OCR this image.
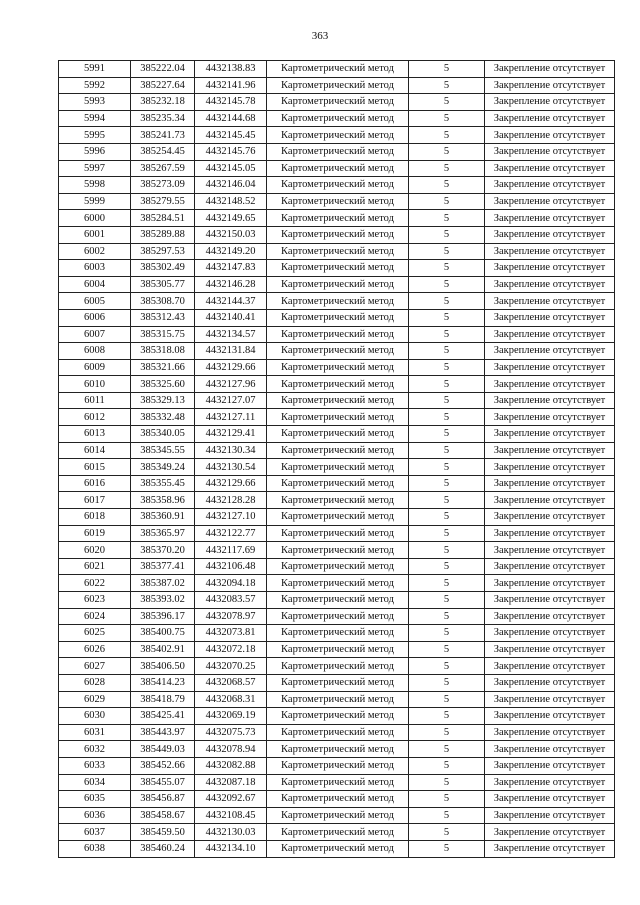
363
5991	385222.04	4432138.83	Картометрический метод	5	Закрепление отсутствует
5992	385227.64	4432141.96	Картометрический метод	5	Закрепление отсутствует
5993	385232.18	4432145.78	Картометрический метод	5	Закрепление отсутствует
5994	385235.34	4432144.68	Картометрический метод	5	Закрепление отсутствует
5995	385241.73	4432145.45	Картометрический метод	5	Закрепление отсутствует
5996	385254.45	4432145.76	Картометрический метод	5	Закрепление отсутствует
5997	385267.59	4432145.05	Картометрический метод	5	Закрепление отсутствует
5998	385273.09	4432146.04	Картометрический метод	5	Закрепление отсутствует
5999	385279.55	4432148.52	Картометрический метод	5	Закрепление отсутствует
6000	385284.51	4432149.65	Картометрический метод	5	Закрепление отсутствует
6001	385289.88	4432150.03	Картометрический метод	5	Закрепление отсутствует
6002	385297.53	4432149.20	Картометрический метод	5	Закрепление отсутствует
6003	385302.49	4432147.83	Картометрический метод	5	Закрепление отсутствует
6004	385305.77	4432146.28	Картометрический метод	5	Закрепление отсутствует
6005	385308.70	4432144.37	Картометрический метод	5	Закрепление отсутствует
6006	385312.43	4432140.41	Картометрический метод	5	Закрепление отсутствует
6007	385315.75	4432134.57	Картометрический метод	5	Закрепление отсутствует
6008	385318.08	4432131.84	Картометрический метод	5	Закрепление отсутствует
6009	385321.66	4432129.66	Картометрический метод	5	Закрепление отсутствует
6010	385325.60	4432127.96	Картометрический метод	5	Закрепление отсутствует
6011	385329.13	4432127.07	Картометрический метод	5	Закрепление отсутствует
6012	385332.48	4432127.11	Картометрический метод	5	Закрепление отсутствует
6013	385340.05	4432129.41	Картометрический метод	5	Закрепление отсутствует
6014	385345.55	4432130.34	Картометрический метод	5	Закрепление отсутствует
6015	385349.24	4432130.54	Картометрический метод	5	Закрепление отсутствует
6016	385355.45	4432129.66	Картометрический метод	5	Закрепление отсутствует
6017	385358.96	4432128.28	Картометрический метод	5	Закрепление отсутствует
6018	385360.91	4432127.10	Картометрический метод	5	Закрепление отсутствует
6019	385365.97	4432122.77	Картометрический метод	5	Закрепление отсутствует
6020	385370.20	4432117.69	Картометрический метод	5	Закрепление отсутствует
6021	385377.41	4432106.48	Картометрический метод	5	Закрепление отсутствует
6022	385387.02	4432094.18	Картометрический метод	5	Закрепление отсутствует
6023	385393.02	4432083.57	Картометрический метод	5	Закрепление отсутствует
6024	385396.17	4432078.97	Картометрический метод	5	Закрепление отсутствует
6025	385400.75	4432073.81	Картометрический метод	5	Закрепление отсутствует
6026	385402.91	4432072.18	Картометрический метод	5	Закрепление отсутствует
6027	385406.50	4432070.25	Картометрический метод	5	Закрепление отсутствует
6028	385414.23	4432068.57	Картометрический метод	5	Закрепление отсутствует
6029	385418.79	4432068.31	Картометрический метод	5	Закрепление отсутствует
6030	385425.41	4432069.19	Картометрический метод	5	Закрепление отсутствует
6031	385443.97	4432075.73	Картометрический метод	5	Закрепление отсутствует
6032	385449.03	4432078.94	Картометрический метод	5	Закрепление отсутствует
6033	385452.66	4432082.88	Картометрический метод	5	Закрепление отсутствует
6034	385455.07	4432087.18	Картометрический метод	5	Закрепление отсутствует
6035	385456.87	4432092.67	Картометрический метод	5	Закрепление отсутствует
6036	385458.67	4432108.45	Картометрический метод	5	Закрепление отсутствует
6037	385459.50	4432130.03	Картометрический метод	5	Закрепление отсутствует
6038	385460.24	4432134.10	Картометрический метод	5	Закрепление отсутствует
